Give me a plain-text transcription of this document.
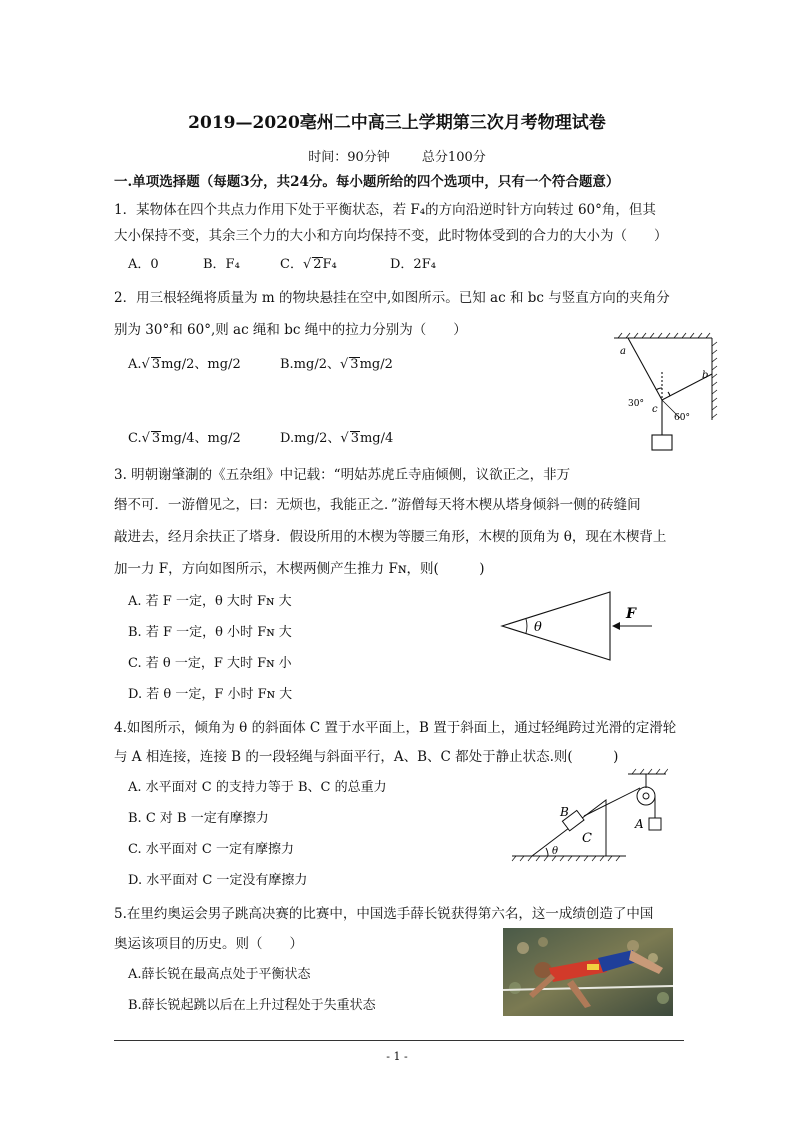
2019—2020亳州二中高三上学期第三次月考物理试卷
时间：90分钟 总分100分
一.单项选择题（每题3分，共24分。每小题所给的四个选项中，只有一个符合题意）
1．某物体在四个共点力作用下处于平衡状态，若 F₄的方向沿逆时针方向转过 60°角，但其
大小保持不变，其余三个力的大小和方向均保持不变，此时物体受到的合力的大小为（　　）
A．0	B．F₄	C．√ 2F₄	D．2F₄
2．用三根轻绳将质量为 m 的物块悬挂在空中,如图所示。已知 ac 和 bc 与竖直方向的夹角分
别为 30°和 60°,则 ac 绳和 bc 绳中的拉力分别为（　　）
A.√ 3mg/2、mg/2	B.mg/2、√ 3mg/2
C.√ 3mg/4、mg/2	D.mg/2、√ 3mg/4
a
b
c
30°
60°
3. 明朝谢肇淛的《五杂组》中记载：“明姑苏虎丘寺庙倾侧，议欲正之，非万
缗不可．一游僧见之，曰：无烦也，我能正之．”游僧每天将木楔从塔身倾斜一侧的砖缝间
敲进去，经月余扶正了塔身．假设所用的木楔为等腰三角形，木楔的顶角为 θ，现在木楔背上
加一力 F，方向如图所示，木楔两侧产生推力 Fɴ，则(　　　)
A. 若 F 一定，θ 大时 Fɴ 大
B. 若 F 一定，θ 小时 Fɴ 大
C. 若 θ 一定，F 大时 Fɴ 小
D. 若 θ 一定，F 小时 Fɴ 大
θ
F
4.如图所示，倾角为 θ 的斜面体 C 置于水平面上，B 置于斜面上，通过轻绳跨过光滑的定滑轮
与 A 相连接，连接 B 的一段轻绳与斜面平行，A、B、C 都处于静止状态.则(　　　)
A. 水平面对 C 的支持力等于 B、C 的总重力
B. C 对 B 一定有摩擦力
C. 水平面对 C 一定有摩擦力
D. 水平面对 C 一定没有摩擦力
B
C
A
θ
5.在里约奥运会男子跳高决赛的比赛中，中国选手薛长锐获得第六名，这一成绩创造了中国
奥运该项目的历史。则（　　）
A.薛长锐在最高点处于平衡状态
B.薛长锐起跳以后在上升过程处于失重状态
- 1 -
